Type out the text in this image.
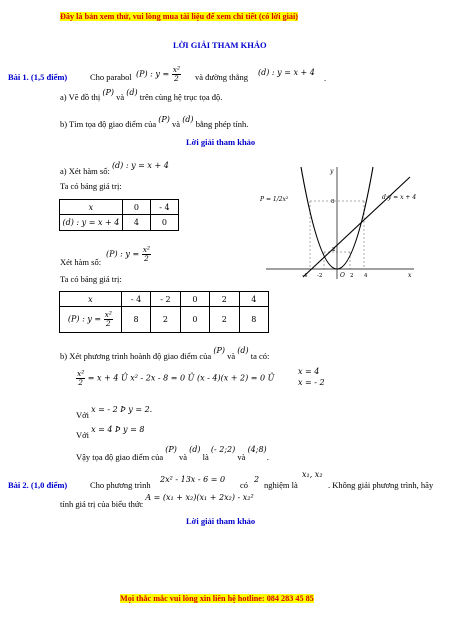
Đây là bản xem thử, vui lòng mua tài liệu để xem chi tiết (có lời giải)
LỜI GIẢI THAM KHẢO
Bài 1. (1,5 điểm)	Cho parabol (P) : $y = \frac{\text{x²}}{2}$ và đường thẳng (d) : y = x + 4
.
a) Vẽ đồ thị (P) và (d) trên cùng hệ trục tọa độ.
b) Tìm tọa độ giao điểm của (P) và (d) bằng phép tính.
Lời giải tham khảo
a) Xét hàm số: (d) : y = x + 4
Ta có bảng giá trị:
x	0	- 4
(d) : y = x + 4	4	0
Xét hàm số:
(P) : $y = \frac{\text{x²}}{2}$
Ta có bảng giá trị:
x	- 4	- 2	0	2	4
(P) : $y = \frac{\text{x²}}{2}$	8	2	0	2	8
b) Xét phương trình hoành độ giao điểm của (P) và (d) ta có:
$\frac{\text{x²}}{2} = x + 4$ Û x² - 2x - 8 = 0 Û (x - 4)(x + 2) = 0 Û
x = 4
x = - 2
Với x = - 2 Þ y = 2.
Với x = 4 Þ y = 8
Vậy tọa độ giao điểm của (P) và (d) là (- 2;2) và (4;8).
P = 1/2x²	d:y = x + 4
y
x
O
-4 -2	2 4
2
8
Bài 2. (1,0 điểm)	Cho phương trình
2x² - 13x - 6 = 0
có
2
nghiệm là
x₁, x₂
. Không giải phương trình, hãy
tính giá trị của biểu thức A = (x₁ + x₂)(x₁ + 2x₂) - x₂²
Lời giải tham khảo
Mọi thắc mắc vui lòng xin liên hệ hotline: 084 283 45 85
